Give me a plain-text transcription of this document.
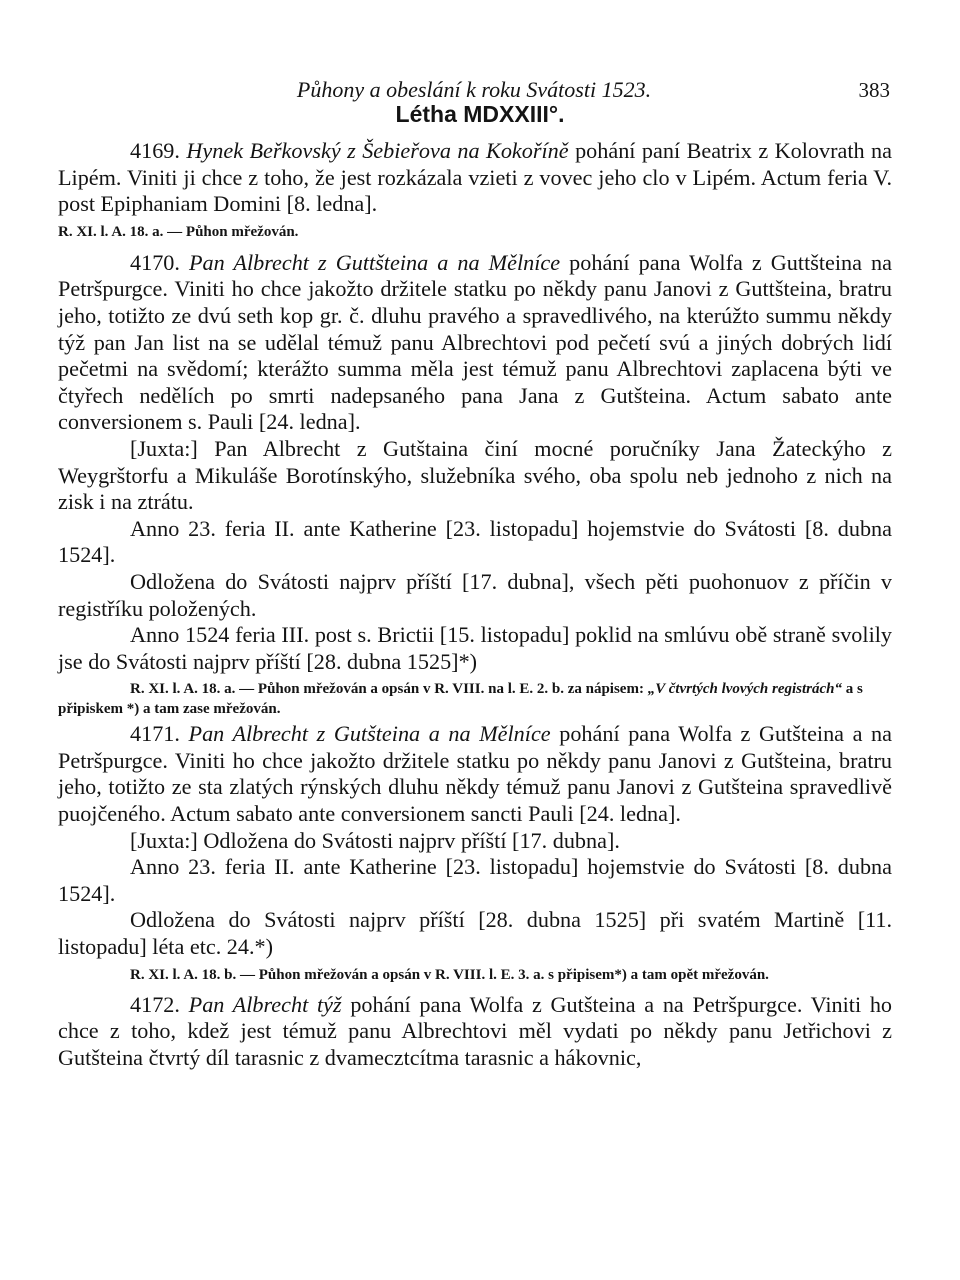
Půhony a obeslání k roku Svátosti 1523.	383
Létha MDXXIII°.

4169. Hynek Beřkovský z Šebieřova na Kokoříně pohání paní Beatrix z Kolovrath na Lipém. Viniti ji chce z toho, že jest rozkázala vzieti z vovec jeho clo v Lipém. Actum feria V. post Epiphaniam Domini [8. ledna].

R. XI. l. A. 18. a. — Půhon mřežován.

4170. Pan Albrecht z Guttšteina a na Mělníce pohání pana Wolfa z Guttšteina na Petršpurgce. Viniti ho chce jakožto držitele statku po někdy panu Janovi z Guttšteina, bratru jeho, totižto ze dvú seth kop gr. č. dluhu pravého a spravedlivého, na kterúžto summu někdy týž pan Jan list na se udělal témuž panu Albrechtovi pod pečetí svú a jiných dobrých lidí pečetmi na svědomí; kterážto summa měla jest témuž panu Albrechtovi zaplacena býti ve čtyřech nedělích po smrti nadepsaného pana Jana z Gutšteina. Actum sabato ante conversionem s. Pauli [24. ledna].

[Juxta:] Pan Albrecht z Gutštaina činí mocné poručníky Jana Žateckýho z Weygrštorfu a Mikuláše Borotínskýho, služebníka svého, oba spolu neb jednoho z nich na zisk i na ztrátu.

Anno 23. feria II. ante Katherine [23. listopadu] hojemstvie do Svátosti [8. dubna 1524].

Odložena do Svátosti najprv příští [17. dubna], všech pěti puohonuov z příčin v registříku položených.

Anno 1524 feria III. post s. Brictii [15. listopadu] poklid na smlúvu obě straně svolily jse do Svátosti najprv příští [28. dubna 1525]*)

R. XI. l. A. 18. a. — Půhon mřežován a opsán v R. VIII. na l. E. 2. b. za nápisem: „V čtvrtých lvových registrách“ a s připiskem *) a tam zase mřežován.

4171. Pan Albrecht z Gutšteina a na Mělníce pohání pana Wolfa z Gutšteina a na Petršpurgce. Viniti ho chce jakožto držitele statku po někdy panu Janovi z Gutšteina, bratru jeho, totižto ze sta zlatých rýnských dluhu někdy témuž panu Janovi z Gutšteina spravedlivě puojčeného. Actum sabato ante conversionem sancti Pauli [24. ledna].

[Juxta:] Odložena do Svátosti najprv příští [17. dubna].

Anno 23. feria II. ante Katherine [23. listopadu] hojemstvie do Svátosti [8. dubna 1524].

Odložena do Svátosti najprv příští [28. dubna 1525] při svatém Martině [11. listopadu] léta etc. 24.*)

R. XI. l. A. 18. b. — Půhon mřežován a opsán v R. VIII. l. E. 3. a. s připisem*) a tam opět mřežován.

4172. Pan Albrecht týž pohání pana Wolfa z Gutšteina a na Petršpurgce. Viniti ho chce z toho, kdež jest témuž panu Albrechtovi měl vydati po někdy panu Jetřichovi z Gutšteina čtvrtý díl tarasnic z dvamecztcítma tarasnic a hákovnic,
